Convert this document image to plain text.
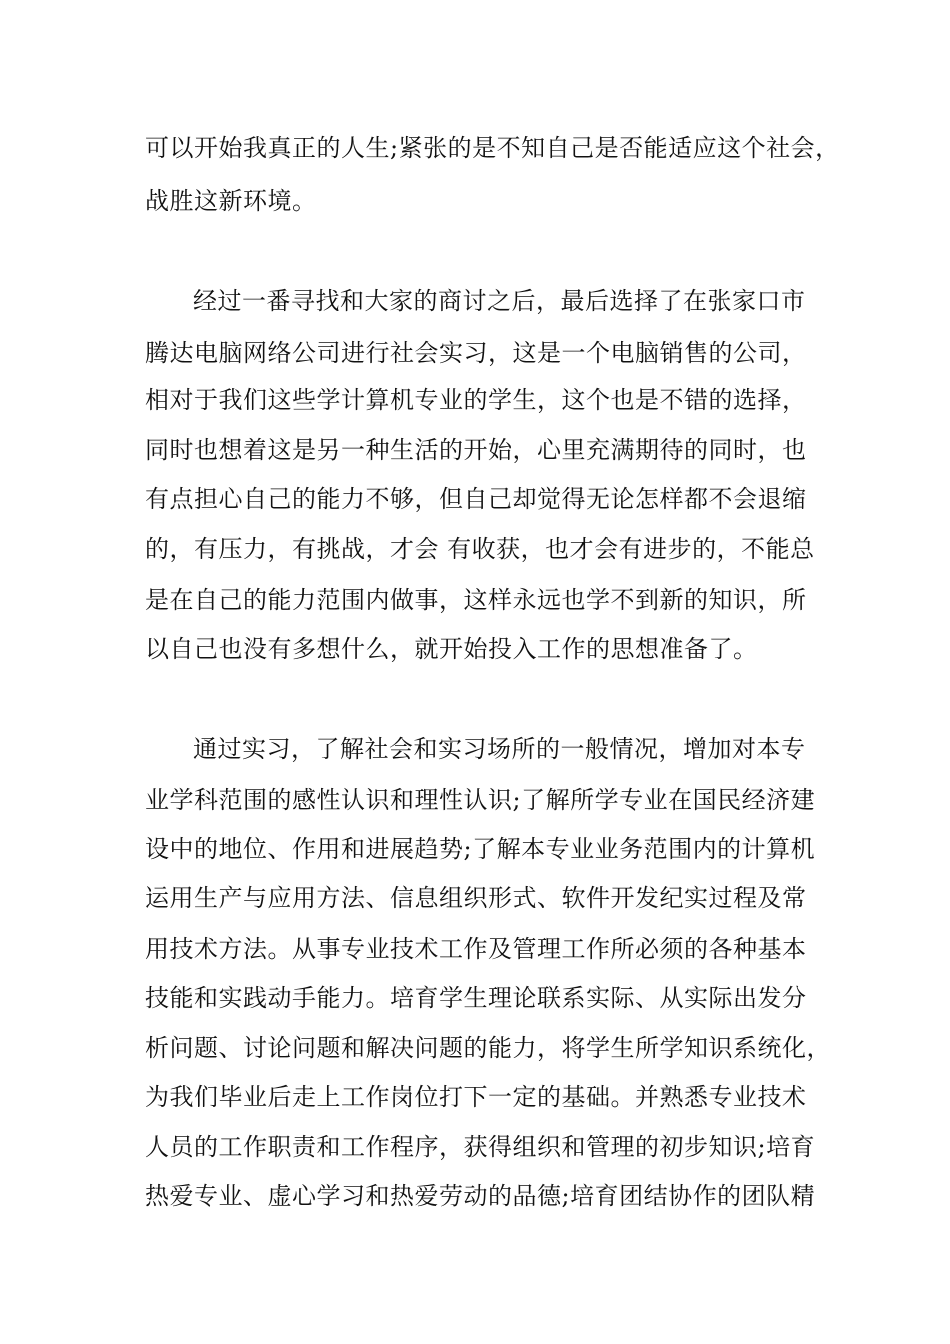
可以开始我真正的人生;紧张的是不知自己是否能适应这个社会，
战胜这新环境。
经过一番寻找和大家的商讨之后，最后选择了在张家口市
腾达电脑网络公司进行社会实习，这是一个电脑销售的公司，
相对于我们这些学计算机专业的学生，这个也是不错的选择，
同时也想着这是另一种生活的开始，心里充满期待的同时，也
有点担心自己的能力不够，但自己却觉得无论怎样都不会退缩
的，有压力，有挑战，才会 有收获，也才会有进步的，不能总
是在自己的能力范围内做事，这样永远也学不到新的知识，所
以自己也没有多想什么，就开始投入工作的思想准备了。
通过实习，了解社会和实习场所的一般情况，增加对本专
业学科范围的感性认识和理性认识;了解所学专业在国民经济建
设中的地位、作用和进展趋势;了解本专业业务范围内的计算机
运用生产与应用方法、信息组织形式、软件开发纪实过程及常
用技术方法。从事专业技术工作及管理工作所必须的各种基本
技能和实践动手能力。培育学生理论联系实际、从实际出发分
析问题、讨论问题和解决问题的能力，将学生所学知识系统化，
为我们毕业后走上工作岗位打下一定的基础。并熟悉专业技术
人员的工作职责和工作程序，获得组织和管理的初步知识;培育
热爱专业、虚心学习和热爱劳动的品德;培育团结协作的团队精
